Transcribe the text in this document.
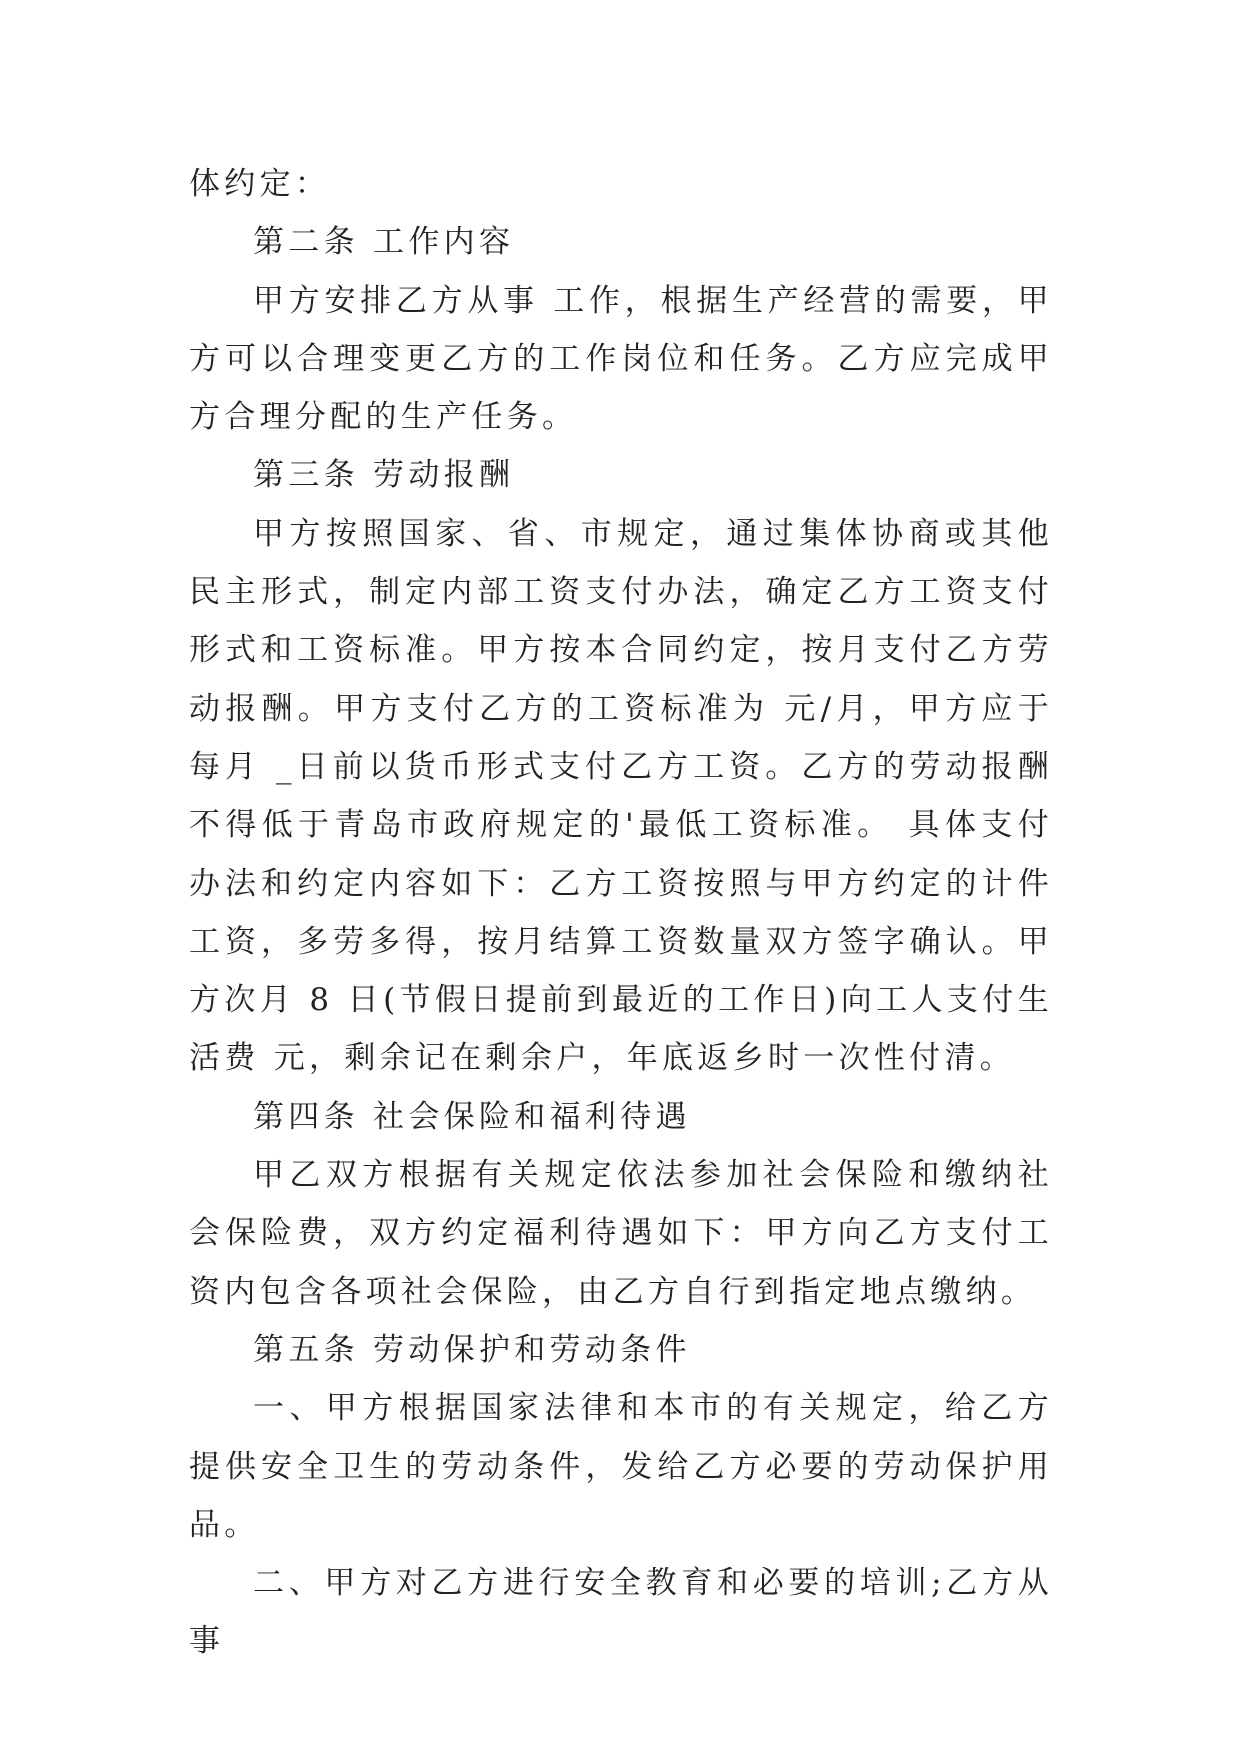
体约定：

第二条 工作内容

甲方安排乙方从事 工作，根据生产经营的需要，甲方可以合理变更乙方的工作岗位和任务。乙方应完成甲方合理分配的生产任务。

第三条 劳动报酬

甲方按照国家、省、市规定，通过集体协商或其他民主形式，制定内部工资支付办法，确定乙方工资支付形式和工资标准。甲方按本合同约定，按月支付乙方劳动报酬。甲方支付乙方的工资标准为 元/月，甲方应于每月 _日前以货币形式支付乙方工资。乙方的劳动报酬不得低于青岛市政府规定的'最低工资标准。 具体支付办法和约定内容如下：乙方工资按照与甲方约定的计件工资，多劳多得，按月结算工资数量双方签字确认。甲方次月 8 日(节假日提前到最近的工作日)向工人支付生活费 元，剩余记在剩余户，年底返乡时一次性付清。

第四条 社会保险和福利待遇

甲乙双方根据有关规定依法参加社会保险和缴纳社会保险费，双方约定福利待遇如下：甲方向乙方支付工资内包含各项社会保险，由乙方自行到指定地点缴纳。

第五条 劳动保护和劳动条件

一、甲方根据国家法律和本市的有关规定，给乙方提供安全卫生的劳动条件，发给乙方必要的劳动保护用品。

二、甲方对乙方进行安全教育和必要的培训;乙方从事
